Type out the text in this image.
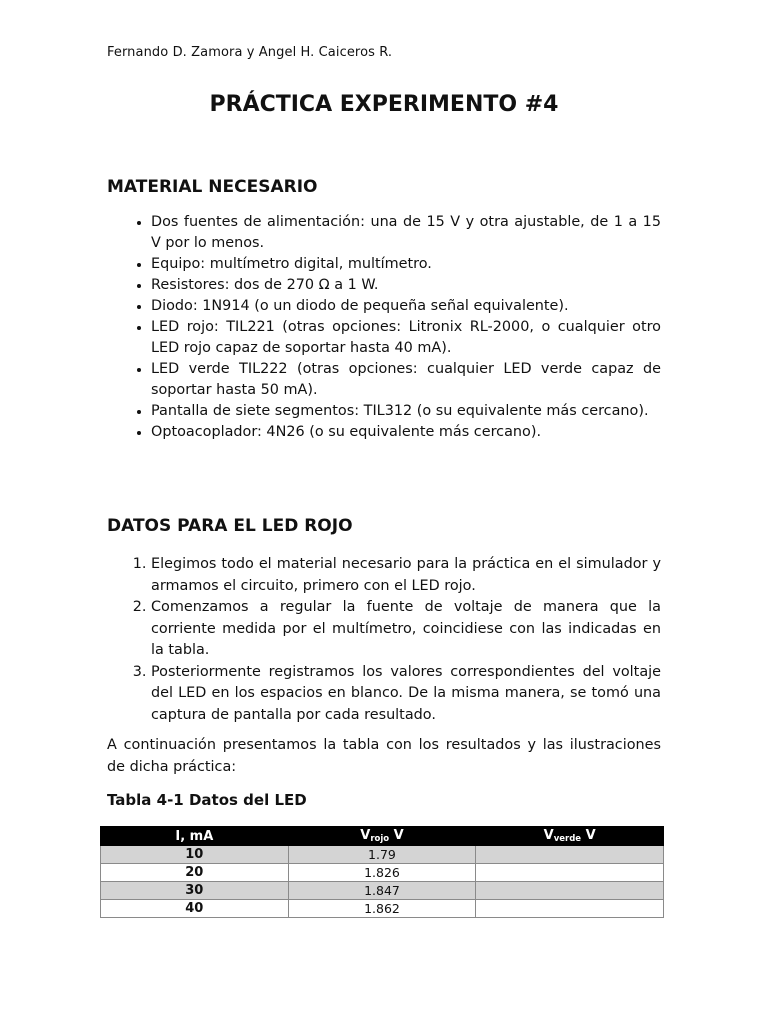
Fernando D. Zamora y Angel H. Caiceros R.
PRÁCTICA EXPERIMENTO #4
MATERIAL NECESARIO
• Dos fuentes de alimentación: una de 15 V y otra ajustable, de 1 a 15 V por lo menos.
• Equipo: multímetro digital, multímetro.
• Resistores: dos de 270 Ω a 1 W.
• Diodo: 1N914 (o un diodo de pequeña señal equivalente).
• LED rojo: TIL221 (otras opciones: Litronix RL-2000, o cualquier otro LED rojo capaz de soportar hasta 40 mA).
• LED verde TIL222 (otras opciones: cualquier LED verde capaz de soportar hasta 50 mA).
• Pantalla de siete segmentos: TIL312 (o su equivalente más cercano).
• Optoacoplador: 4N26 (o su equivalente más cercano).
DATOS PARA EL LED ROJO
1. Elegimos todo el material necesario para la práctica en el simulador y armamos el circuito, primero con el LED rojo.
2. Comenzamos a regular la fuente de voltaje de manera que la corriente medida por el multímetro, coincidiese con las indicadas en la tabla.
3. Posteriormente registramos los valores correspondientes del voltaje del LED en los espacios en blanco. De la misma manera, se tomó una captura de pantalla por cada resultado.

A continuación presentamos la tabla con los resultados y las ilustraciones de dicha práctica:

Tabla 4-1 Datos del LED
I, mA	$V_{rojo}$ V	$V_{verde}$ V
10	1.79	
20	1.826	
30	1.847	
40	1.862	
